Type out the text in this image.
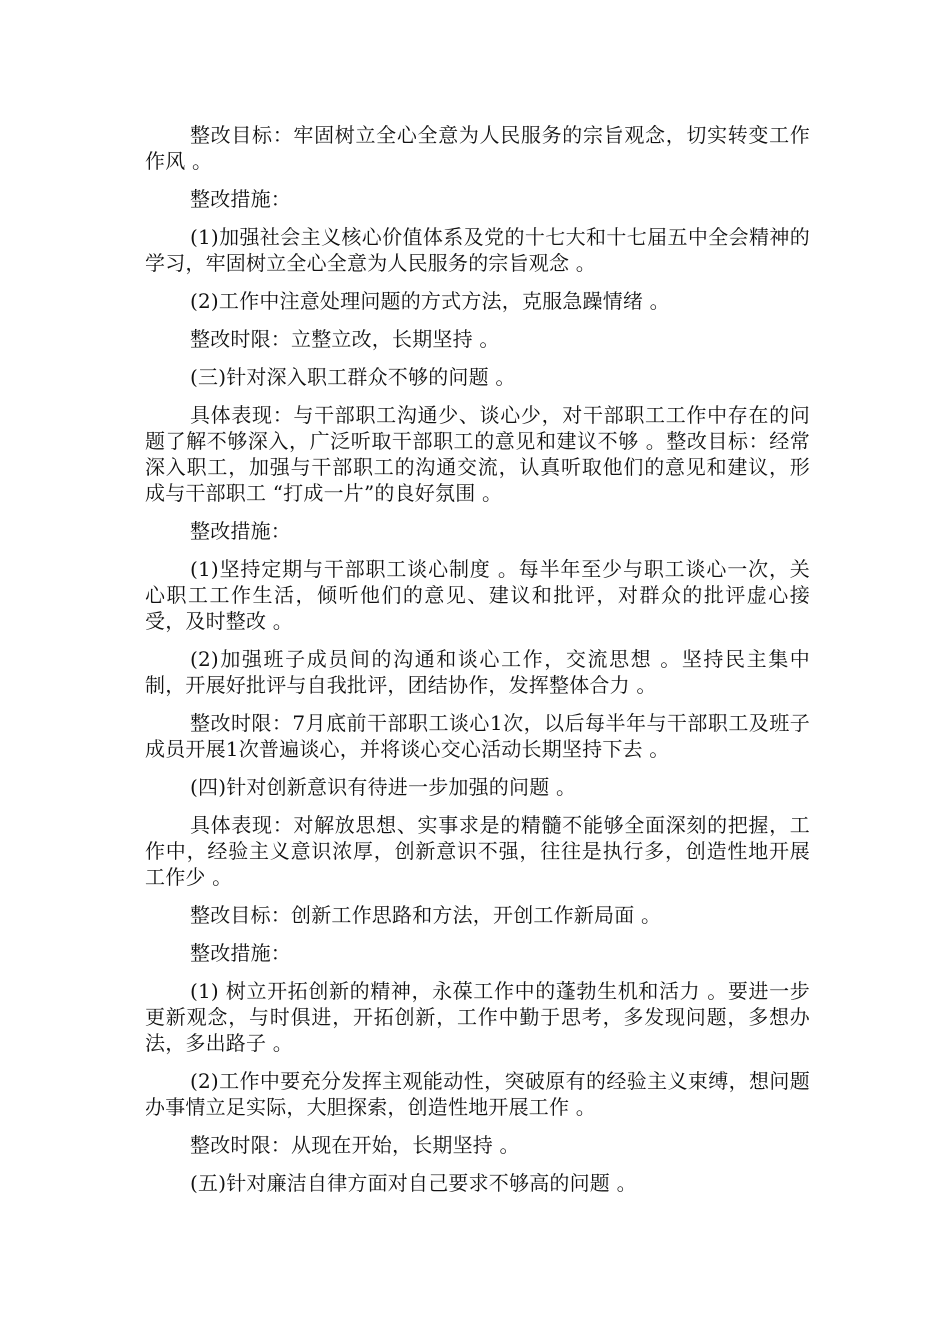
整改目标：牢固树立全心全意为人民服务的宗旨观念，切实转变工作作风 。

整改措施：

(1)加强社会主义核心价值体系及党的十七大和十七届五中全会精神的学习，牢固树立全心全意为人民服务的宗旨观念 。

(2)工作中注意处理问题的方式方法，克服急躁情绪 。

整改时限：立整立改，长期坚持 。

(三)针对深入职工群众不够的问题 。

具体表现：与干部职工沟通少、谈心少，对干部职工工作中存在的问题了解不够深入，广泛听取干部职工的意见和建议不够 。整改目标：经常深入职工，加强与干部职工的沟通交流，认真听取他们的意见和建议，形成与干部职工 “打成一片”的良好氛围 。

整改措施：

(1)坚持定期与干部职工谈心制度 。每半年至少与职工谈心一次，关心职工工作生活，倾听他们的意见、建议和批评，对群众的批评虚心接受，及时整改 。

(2)加强班子成员间的沟通和谈心工作，交流思想 。坚持民主集中制，开展好批评与自我批评，团结协作，发挥整体合力 。

整改时限：7月底前干部职工谈心1次，以后每半年与干部职工及班子成员开展1次普遍谈心，并将谈心交心活动长期坚持下去 。

(四)针对创新意识有待进一步加强的问题 。

具体表现：对解放思想、实事求是的精髓不能够全面深刻的把握，工作中，经验主义意识浓厚，创新意识不强，往往是执行多，创造性地开展工作少 。

整改目标：创新工作思路和方法，开创工作新局面 。

整改措施：

(1) 树立开拓创新的精神，永葆工作中的蓬勃生机和活力 。要进一步更新观念，与时俱进，开拓创新，工作中勤于思考，多发现问题，多想办法，多出路子 。

(2)工作中要充分发挥主观能动性，突破原有的经验主义束缚，想问题办事情立足实际，大胆探索，创造性地开展工作 。

整改时限：从现在开始，长期坚持 。

(五)针对廉洁自律方面对自己要求不够高的问题 。
